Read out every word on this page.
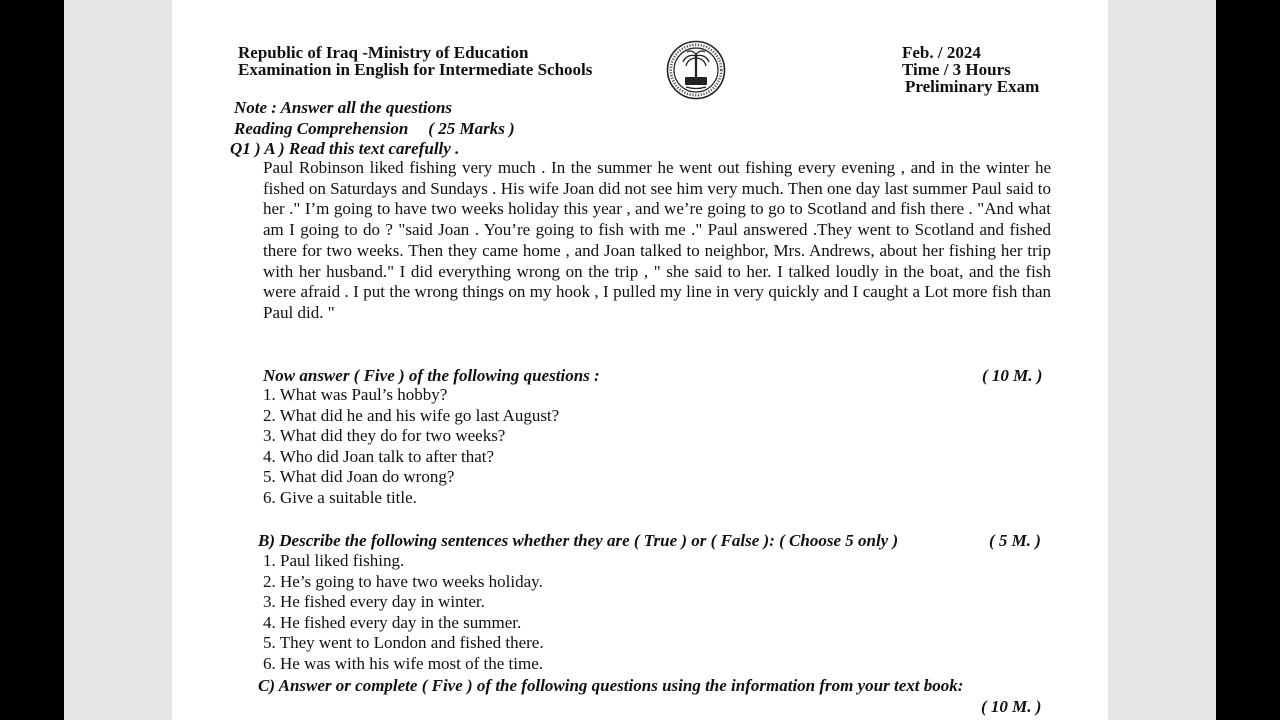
Republic of Iraq -Ministry of Education
Examination in English for Intermediate Schools
Feb. / 2024
Time / 3 Hours
Preliminary Exam
Note : Answer all the questions
Reading Comprehension ( 25 Marks )
Q1 ) A ) Read this text carefully .

Paul Robinson liked fishing very much . In the summer he went out fishing every evening , and in the winter he fished on Saturdays and Sundays . His wife Joan did not see him very much. Then one day last summer Paul said to her ." I’m going to have two weeks holiday this year , and we’re going to go to Scotland and fish there . "And what am I going to do ? "said Joan . You’re going to fish with me ." Paul answered .They went to Scotland and fished there for two weeks. Then they came home , and Joan talked to neighbor, Mrs. Andrews, about her fishing her trip with her husband." I did everything wrong on the trip , " she said to her. I talked loudly in the boat, and the fish were afraid . I put the wrong things on my hook , I pulled my line in very quickly and I caught a Lot more fish than Paul did. "

Now answer ( Five ) of the following questions :	( 10 M. )
1. What was Paul’s hobby?
2. What did he and his wife go last August?
3. What did they do for two weeks?
4. Who did Joan talk to after that?
5. What did Joan do wrong?
6. Give a suitable title.
B) Describe the following sentences whether they are ( True ) or ( False ): ( Choose 5 only )	( 5 M. )
1. Paul liked fishing.
2. He’s going to have two weeks holiday.
3. He fished every day in winter.
4. He fished every day in the summer.
5. They went to London and fished there.
6. He was with his wife most of the time.
C) Answer or complete ( Five ) of the following questions using the information from your text book:
( 10 M. )
